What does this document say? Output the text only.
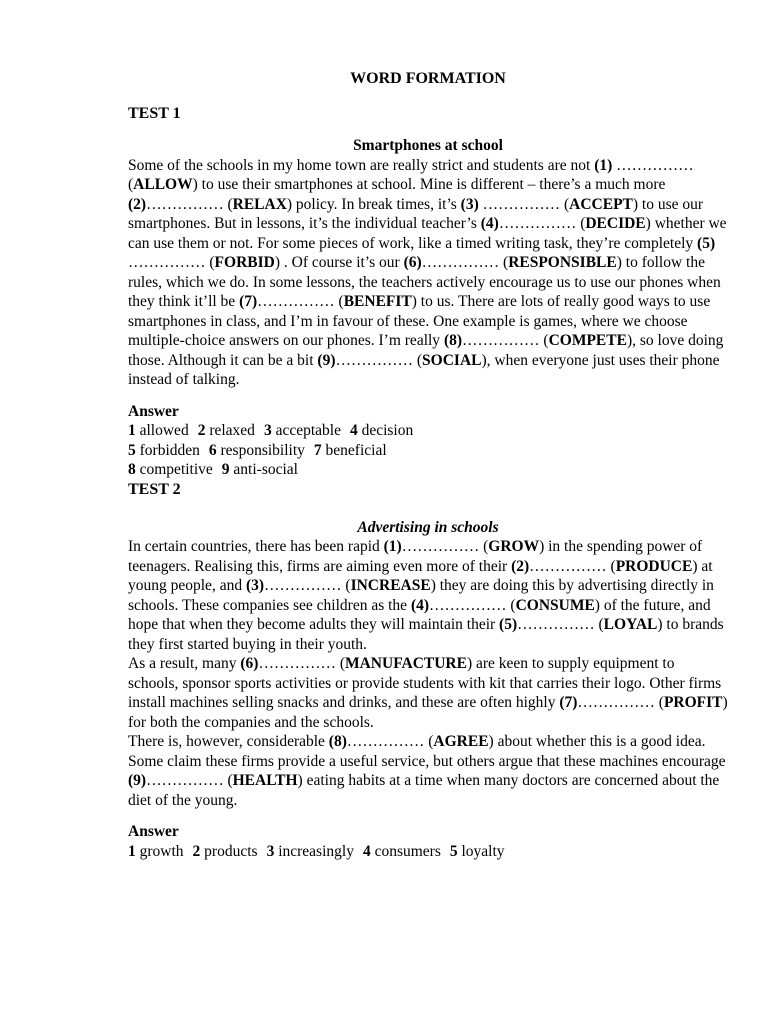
WORD FORMATION
TEST 1
Smartphones at school

Some of the schools in my home town are really strict and students are not (1) …………… (ALLOW) to use their smartphones at school. Mine is different – there’s a much more (2)…………… (RELAX) policy. In break times, it’s (3) …………… (ACCEPT) to use our smartphones. But in lessons, it’s the individual teacher’s (4)…………… (DECIDE) whether we can use them or not. For some pieces of work, like a timed writing task, they’re completely (5) …………… (FORBID) . Of course it’s our (6)…………… (RESPONSIBLE) to follow the rules, which we do. In some lessons, the teachers actively encourage us to use our phones when they think it’ll be (7)…………… (BENEFIT) to us. There are lots of really good ways to use smartphones in class, and I’m in favour of these. One example is games, where we choose multiple-choice answers on our phones. I’m really (8)…………… (COMPETE), so love doing those. Although it can be a bit (9)…………… (SOCIAL), when everyone just uses their phone instead of talking.

Answer
1 allowed 2 relaxed 3 acceptable 4 decision
5 forbidden 6 responsibility 7 beneficial
8 competitive 9 anti-social
TEST 2
Advertising in schools

In certain countries, there has been rapid (1)…………… (GROW) in the spending power of teenagers. Realising this, firms are aiming even more of their (2)…………… (PRODUCE) at young people, and (3)…………… (INCREASE) they are doing this by advertising directly in schools. These companies see children as the (4)…………… (CONSUME) of the future, and hope that when they become adults they will maintain their (5)…………… (LOYAL) to brands they first started buying in their youth.

As a result, many (6)…………… (MANUFACTURE) are keen to supply equipment to schools, sponsor sports activities or provide students with kit that carries their logo. Other firms install machines selling snacks and drinks, and these are often highly (7)…………… (PROFIT) for both the companies and the schools.

There is, however, considerable (8)…………… (AGREE) about whether this is a good idea. Some claim these firms provide a useful service, but others argue that these machines encourage (9)…………… (HEALTH) eating habits at a time when many doctors are concerned about the diet of the young.

Answer
1 growth 2 products 3 increasingly 4 consumers 5 loyalty
